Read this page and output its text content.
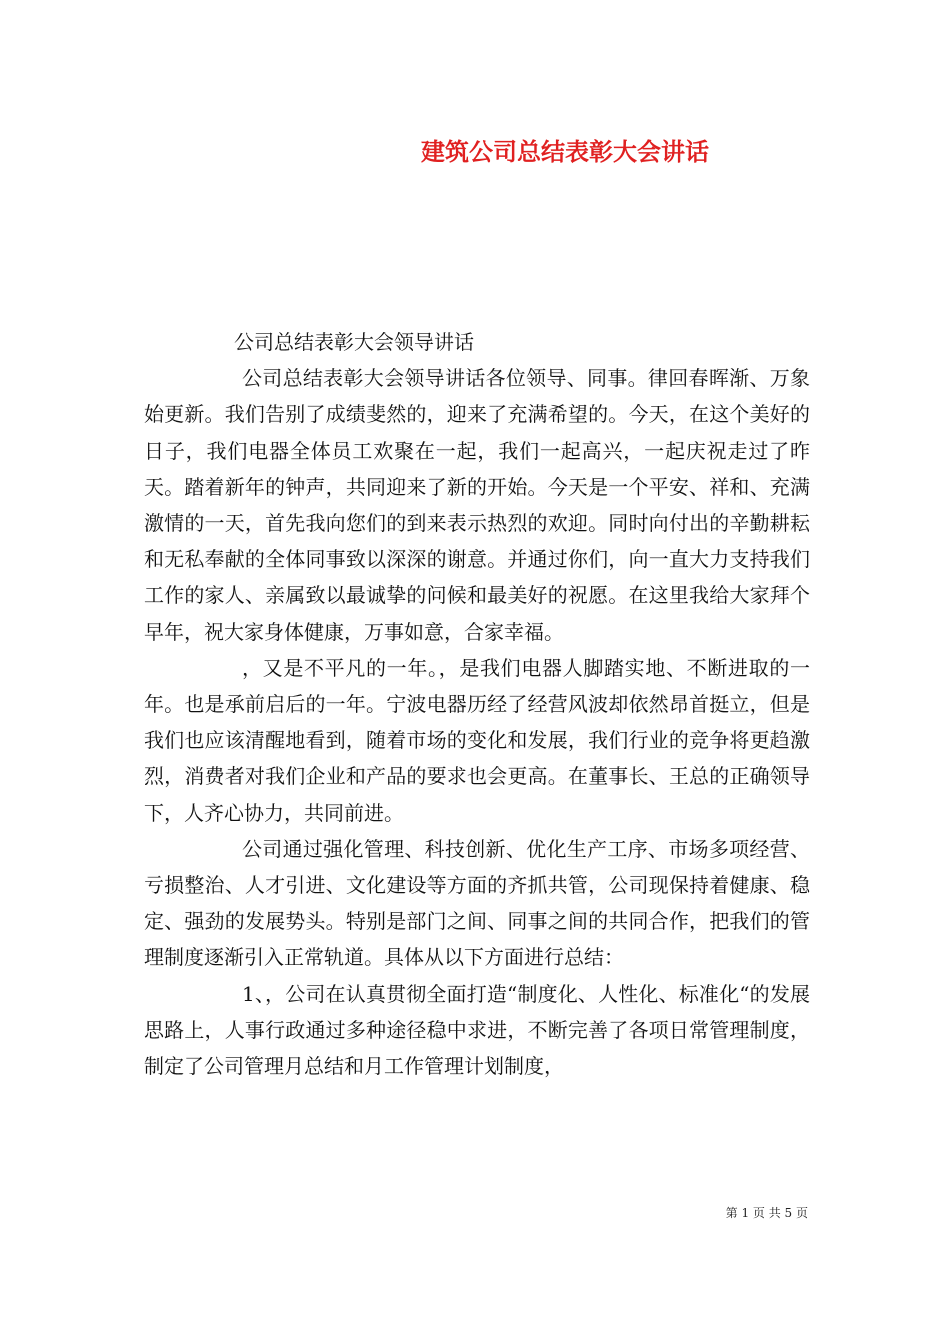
建筑公司总结表彰大会讲话

公司总结表彰大会领导讲话

公司总结表彰大会领导讲话各位领导、同事。律回春晖渐、万象始更新。我们告别了成绩斐然的，迎来了充满希望的。今天，在这个美好的日子，我们电器全体员工欢聚在一起，我们一起高兴，一起庆祝走过了昨天。踏着新年的钟声，共同迎来了新的开始。今天是一个平安、祥和、充满激情的一天，首先我向您们的到来表示热烈的欢迎。同时向付出的辛勤耕耘和无私奉献的全体同事致以深深的谢意。并通过你们，向一直大力支持我们工作的家人、亲属致以最诚挚的问候和最美好的祝愿。在这里我给大家拜个早年，祝大家身体健康，万事如意，合家幸福。

，又是不平凡的一年。，是我们电器人脚踏实地、不断进取的一年。也是承前启后的一年。宁波电器历经了经营风波却依然昂首挺立，但是我们也应该清醒地看到，随着市场的变化和发展，我们行业的竞争将更趋激烈，消费者对我们企业和产品的要求也会更高。在董事长、王总的正确领导下，人齐心协力，共同前进。

公司通过强化管理、科技创新、优化生产工序、市场多项经营、亏损整治、人才引进、文化建设等方面的齐抓共管，公司现保持着健康、稳定、强劲的发展势头。特别是部门之间、同事之间的共同合作，把我们的管理制度逐渐引入正常轨道。具体从以下方面进行总结：

1、，公司在认真贯彻全面打造“制度化、人性化、标准化“的发展思路上，人事行政通过多种途径稳中求进，不断完善了各项日常管理制度，制定了公司管理月总结和月工作管理计划制度，

第 1 页 共 5 页
